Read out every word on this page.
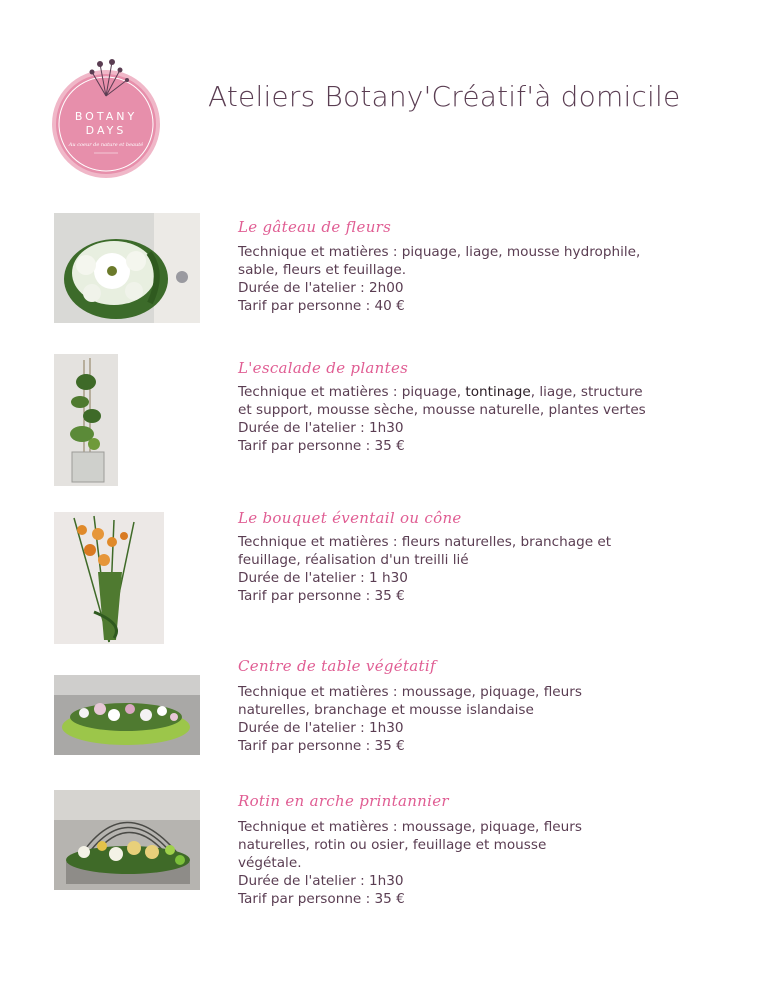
BOTANY
DAYS
Au coeur de nature et beauté
Ateliers Botany'Créatif'à domicile
Le gâteau de fleurs

Technique et matières : piquage, liage, mousse hydrophile,

sable, fleurs et feuillage.

Durée de l'atelier : 2h00

Tarif par personne : 40 €

L'escalade de plantes

Technique et matières : piquage, tontinage, liage, structure

et support, mousse sèche, mousse naturelle, plantes vertes

Durée de l'atelier : 1h30

Tarif par personne : 35 €

Le bouquet éventail ou cône

Technique et matières : fleurs naturelles, branchage et

feuillage, réalisation d'un treilli lié

Durée de l'atelier : 1 h30

Tarif par personne : 35 €

Centre de table végétatif

Technique et matières : moussage, piquage, fleurs

naturelles, branchage et mousse islandaise

Durée de l'atelier : 1h30

Tarif par personne : 35 €

Rotin en arche printannier

Technique et matières : moussage, piquage, fleurs

naturelles, rotin ou osier, feuillage et mousse

végétale.

Durée de l'atelier : 1h30

Tarif par personne : 35 €
